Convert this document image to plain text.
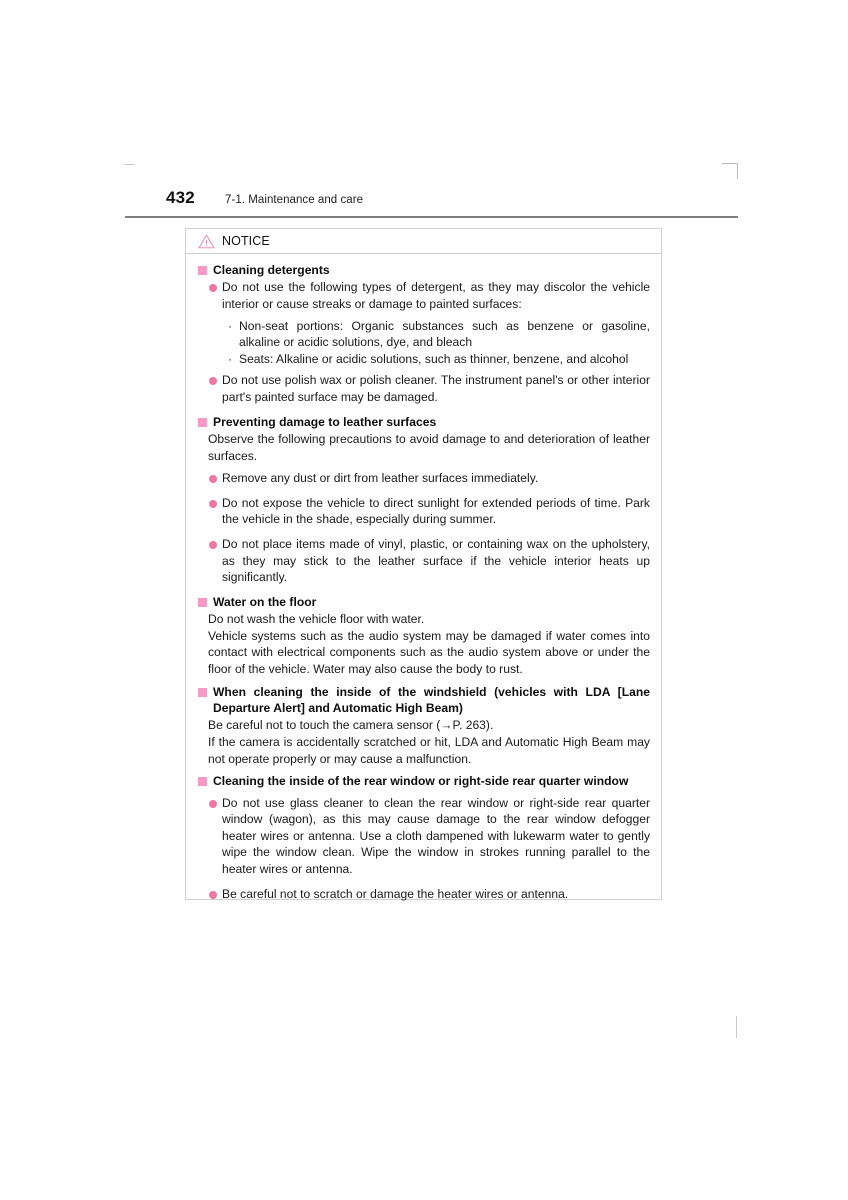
432	7-1. Maintenance and care
NOTICE
Cleaning detergents
Do not use the following types of detergent, as they may discolor the vehicle interior or cause streaks or damage to painted surfaces:
· Non-seat portions: Organic substances such as benzene or gasoline, alkaline or acidic solutions, dye, and bleach
· Seats: Alkaline or acidic solutions, such as thinner, benzene, and alcohol
Do not use polish wax or polish cleaner. The instrument panel's or other interior part's painted surface may be damaged.
Preventing damage to leather surfaces
Observe the following precautions to avoid damage to and deterioration of leather surfaces.
Remove any dust or dirt from leather surfaces immediately.
Do not expose the vehicle to direct sunlight for extended periods of time. Park the vehicle in the shade, especially during summer.
Do not place items made of vinyl, plastic, or containing wax on the upholstery, as they may stick to the leather surface if the vehicle interior heats up significantly.
Water on the floor
Do not wash the vehicle floor with water.
Vehicle systems such as the audio system may be damaged if water comes into contact with electrical components such as the audio system above or under the floor of the vehicle. Water may also cause the body to rust.
When cleaning the inside of the windshield (vehicles with LDA [Lane Departure Alert] and Automatic High Beam)
Be careful not to touch the camera sensor (→P. 263).
If the camera is accidentally scratched or hit, LDA and Automatic High Beam may not operate properly or may cause a malfunction.
Cleaning the inside of the rear window or right-side rear quarter window
Do not use glass cleaner to clean the rear window or right-side rear quarter window (wagon), as this may cause damage to the rear window defogger heater wires or antenna. Use a cloth dampened with lukewarm water to gently wipe the window clean. Wipe the window in strokes running parallel to the heater wires or antenna.
Be careful not to scratch or damage the heater wires or antenna.
